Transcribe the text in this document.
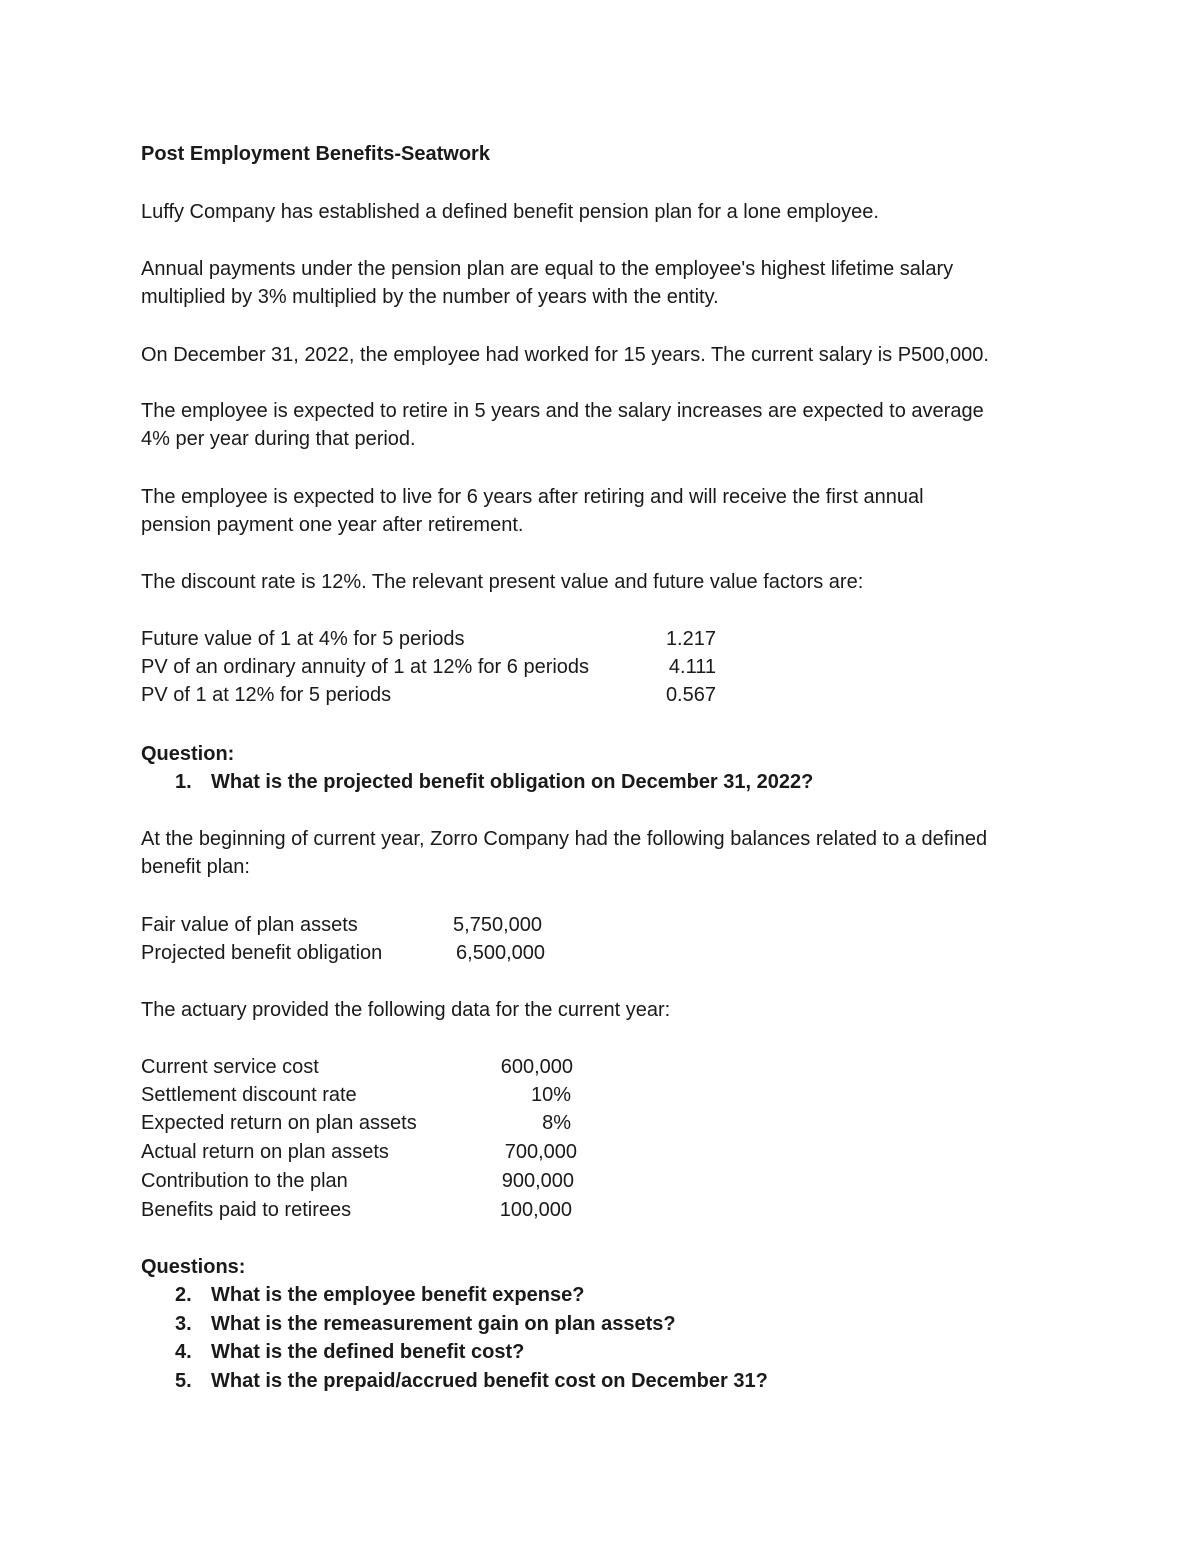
Post Employment Benefits-Seatwork
Luffy Company has established a defined benefit pension plan for a lone employee.
Annual payments under the pension plan are equal to the employee's highest lifetime salary
multiplied by 3% multiplied by the number of years with the entity.
On December 31, 2022, the employee had worked for 15 years. The current salary is P500,000.
The employee is expected to retire in 5 years and the salary increases are expected to average
4% per year during that period.
The employee is expected to live for 6 years after retiring and will receive the first annual
pension payment one year after retirement.
The discount rate is 12%. The relevant present value and future value factors are:
Future value of 1 at 4% for 5 periods	1.217
PV of an ordinary annuity of 1 at 12% for 6 periods	4.111
PV of 1 at 12% for 5 periods	0.567
Question:
1. What is the projected benefit obligation on December 31, 2022?
At the beginning of current year, Zorro Company had the following balances related to a defined
benefit plan:
Fair value of plan assets	5,750,000
Projected benefit obligation	6,500,000
The actuary provided the following data for the current year:
Current service cost	600,000
Settlement discount rate	10%
Expected return on plan assets	8%
Actual return on plan assets	700,000
Contribution to the plan	900,000
Benefits paid to retirees	100,000
Questions:
2. What is the employee benefit expense?
3. What is the remeasurement gain on plan assets?
4. What is the defined benefit cost?
5. What is the prepaid/accrued benefit cost on December 31?
